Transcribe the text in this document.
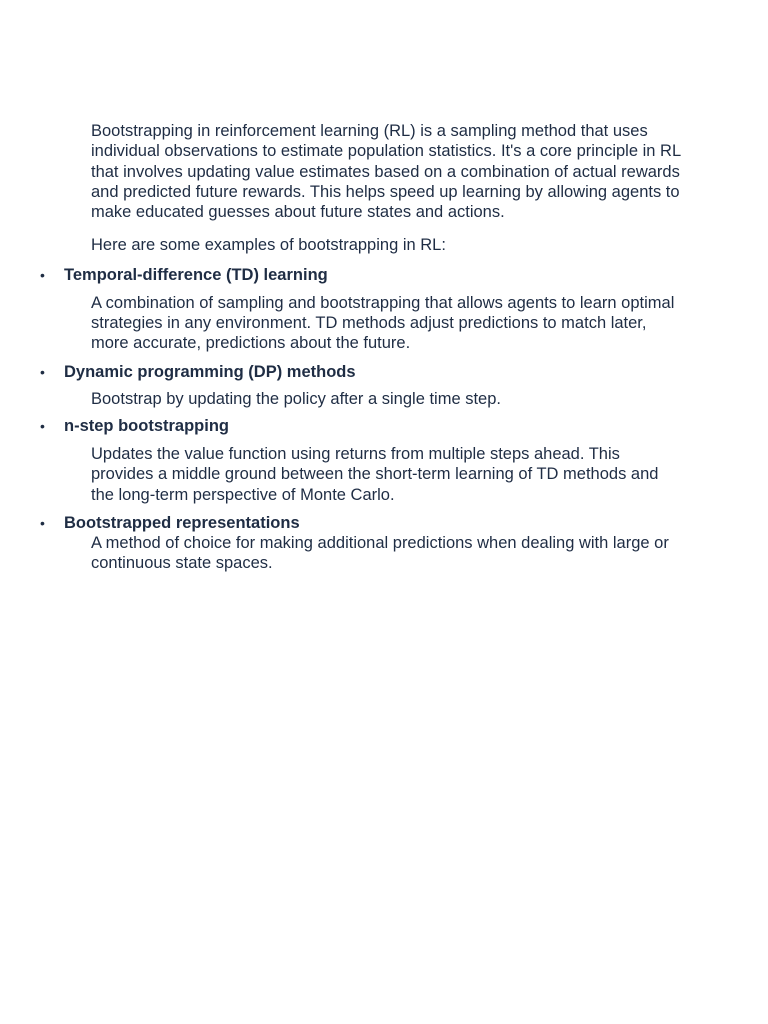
Bootstrapping in reinforcement learning (RL) is a sampling method that uses individual observations to estimate population statistics. It's a core principle in RL that involves updating value estimates based on a combination of actual rewards and predicted future rewards. This helps speed up learning by allowing agents to make educated guesses about future states and actions.

Here are some examples of bootstrapping in RL:

•	Temporal-difference (TD) learning

A combination of sampling and bootstrapping that allows agents to learn optimal strategies in any environment. TD methods adjust predictions to match later, more accurate, predictions about the future.

•	Dynamic programming (DP) methods

Bootstrap by updating the policy after a single time step.

•	n-step bootstrapping

Updates the value function using returns from multiple steps ahead. This provides a middle ground between the short-term learning of TD methods and the long-term perspective of Monte Carlo.

•	Bootstrapped representations

A method of choice for making additional predictions when dealing with large or continuous state spaces.
